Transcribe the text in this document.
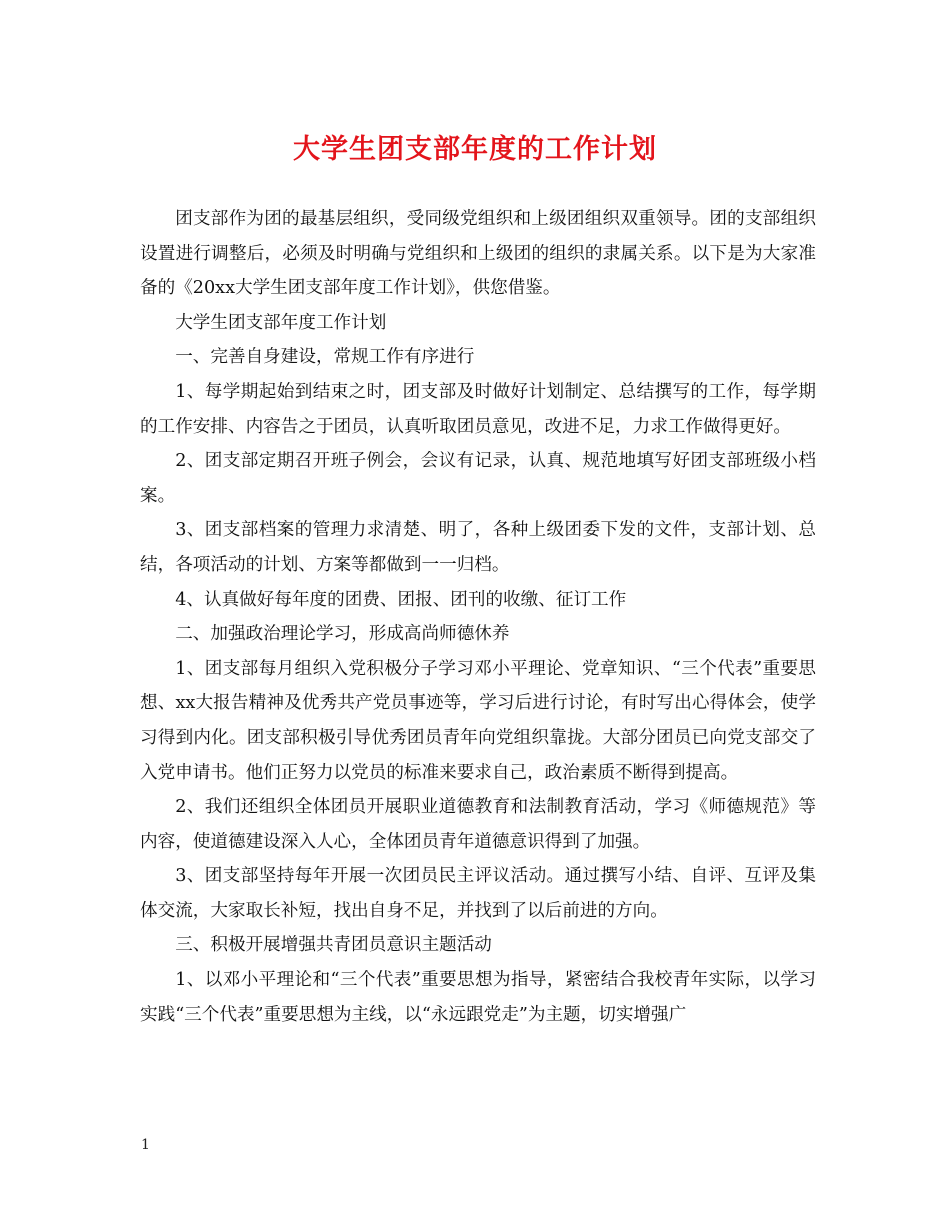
大学生团支部年度的工作计划

团支部作为团的最基层组织，受同级党组织和上级团组织双重领导。团的支部组织设置进行调整后，必须及时明确与党组织和上级团的组织的隶属关系。以下是为大家准备的《20xx大学生团支部年度工作计划》，供您借鉴。

大学生团支部年度工作计划

一、完善自身建设，常规工作有序进行

1、每学期起始到结束之时，团支部及时做好计划制定、总结撰写的工作，每学期的工作安排、内容告之于团员，认真听取团员意见，改进不足，力求工作做得更好。

2、团支部定期召开班子例会，会议有记录，认真、规范地填写好团支部班级小档案。

3、团支部档案的管理力求清楚、明了，各种上级团委下发的文件，支部计划、总结，各项活动的计划、方案等都做到一一归档。

4、认真做好每年度的团费、团报、团刊的收缴、征订工作

二、加强政治理论学习，形成高尚师德休养

1、团支部每月组织入党积极分子学习邓小平理论、党章知识、“三个代表”重要思想、xx大报告精神及优秀共产党员事迹等，学习后进行讨论，有时写出心得体会，使学习得到内化。团支部积极引导优秀团员青年向党组织靠拢。大部分团员已向党支部交了入党申请书。他们正努力以党员的标准来要求自己，政治素质不断得到提高。

2、我们还组织全体团员开展职业道德教育和法制教育活动，学习《师德规范》等内容，使道德建设深入人心，全体团员青年道德意识得到了加强。

3、团支部坚持每年开展一次团员民主评议活动。通过撰写小结、自评、互评及集体交流，大家取长补短，找出自身不足，并找到了以后前进的方向。

三、积极开展增强共青团员意识主题活动

1、以邓小平理论和“三个代表”重要思想为指导，紧密结合我校青年实际，以学习实践“三个代表”重要思想为主线，以“永远跟党走”为主题，切实增强广

1
